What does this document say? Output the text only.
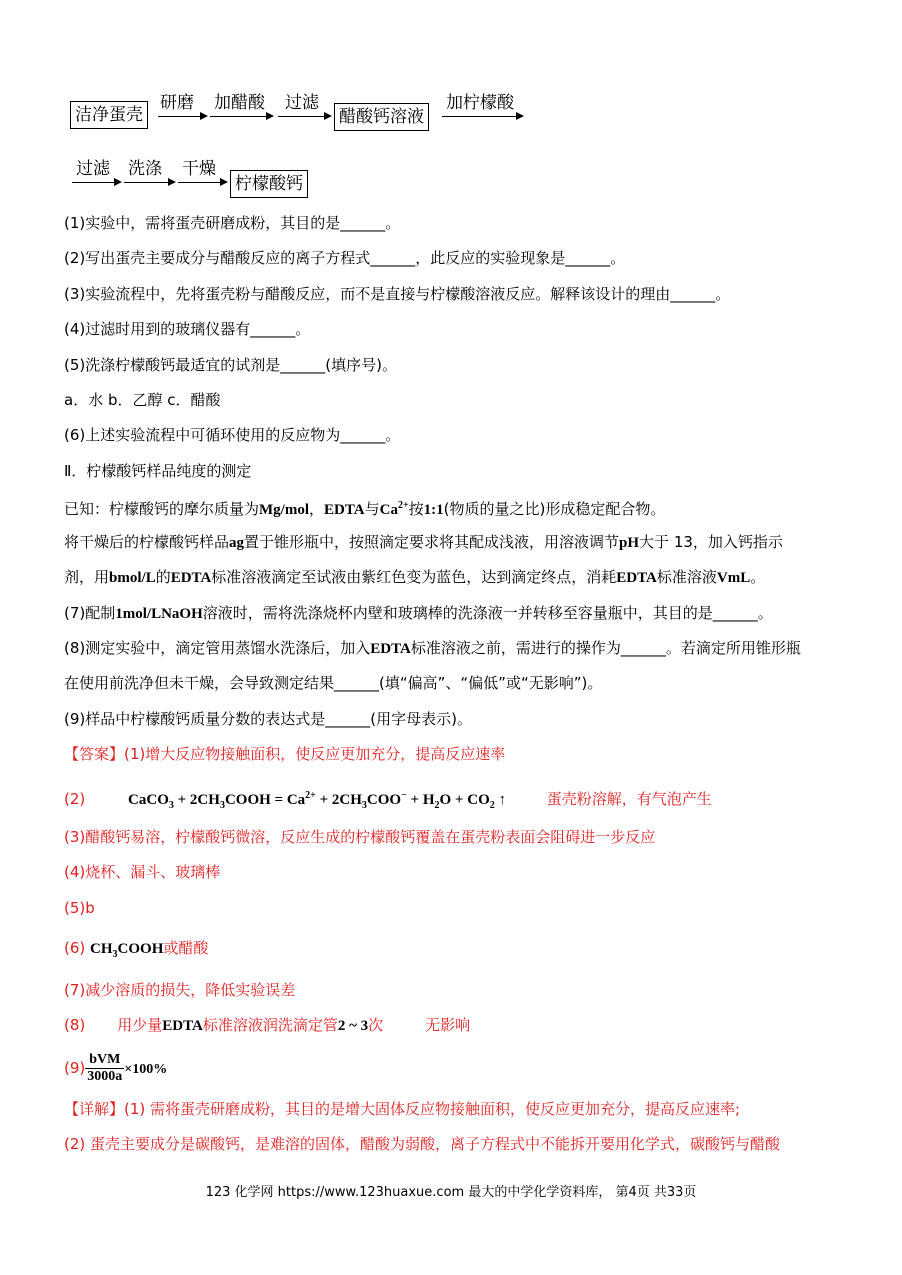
洁净蛋壳
研磨 加醋酸 过滤
醋酸钙溶液
加柠檬酸
过滤 洗涤 干燥
柠檬酸钙
(1)实验中，需将蛋壳研磨成粉，其目的是______。
(2)写出蛋壳主要成分与醋酸反应的离子方程式______，此反应的实验现象是______。
(3)实验流程中，先将蛋壳粉与醋酸反应，而不是直接与柠檬酸溶液反应。解释该设计的理由______。
(4)过滤时用到的玻璃仪器有______。
(5)洗涤柠檬酸钙最适宜的试剂是______(填序号)。
a．水 b．乙醇 c．醋酸
(6)上述实验流程中可循环使用的反应物为______。
Ⅱ．柠檬酸钙样品纯度的测定
已知：柠檬酸钙的摩尔质量为Mg/mol，EDTA与$Ca^{2+}$按1:1(物质的量之比)形成稳定配合物。
将干燥后的柠檬酸钙样品ag置于锥形瓶中，按照滴定要求将其配成浅液，用溶液调节pH大于 13，加入钙指示
剂，用bmol/L的EDTA标准溶液滴定至试液由紫红色变为蓝色，达到滴定终点，消耗EDTA标准溶液VmL。
(7)配制1mol/LNaOH溶液时，需将洗涤烧杯内壁和玻璃棒的洗涤液一并转移至容量瓶中，其目的是______。
(8)测定实验中，滴定管用蒸馏水洗涤后，加入EDTA标准溶液之前，需进行的操作为______。若滴定所用锥形瓶
在使用前洗净但未干燥，会导致测定结果______(填“偏高”、“偏低”或“无影响”)。
(9)样品中柠檬酸钙质量分数的表达式是______(用字母表示)。
【答案】(1)增大反应物接触面积，使反应更加充分，提高反应速率
(2)	CaCO$_3$ + $2CH_3COOH = Ca^{2+} + 2CH_3COO^- + H_2O + CO_2$ ↑	蛋壳粉溶解，有气泡产生
(3)醋酸钙易溶，柠檬酸钙微溶，反应生成的柠檬酸钙覆盖在蛋壳粉表面会阻碍进一步反应
(4)烧杯、漏斗、玻璃棒
(5)b
(6) $CH_3COOH$或醋酸
(7)减少溶质的损失，降低实验误差
(8) 用少量EDTA标准溶液润洗滴定管2 ~ 3次	无影响
$(9) \frac{\text{bVM}}{3000a} \times 100\%$
【详解】(1) 需将蛋壳研磨成粉，其目的是增大固体反应物接触面积，使反应更加充分，提高反应速率;
(2) 蛋壳主要成分是碳酸钙，是难溶的固体，醋酸为弱酸，离子方程式中不能拆开要用化学式，碳酸钙与醋酸
123 化学网 https://www.123huaxue.com 最大的中学化学资料库， 第4页 共33页
